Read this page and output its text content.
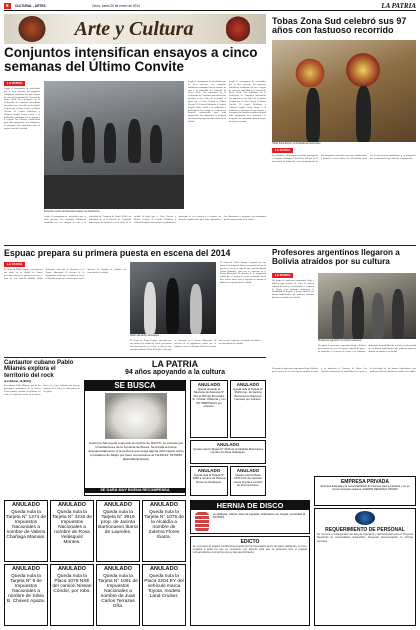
6	CULTURAL - ARTES	Oruro, lunes 20 de enero de 2014	LA PATRIA
Arte y Cultura
Conjuntos intensifican ensayos a cinco semanas del Último Convite
LA PATRIA
Según el cronograma de actividades que se tiene previsto, los conjuntos folklóricos continúan con sus ensayos de cara a la festividad del Carnaval de Oruro 2014. Los miembros de la Federación de Conjuntos intensifican sus prácticas en las calles de la ciudad, al igual que el Gran Convite y Último Convite. El Comité Folklórico y Cultural Fraglia Oruro invitó a la población a participar de los ensayos y a respetar los horarios establecidos para cada agrupación. Los danzarines se preparan con entusiasmo para la mayor fiesta de la ciudad.
Conjuntos rumbo al Carnaval ensayan con total fuerza
Según el cronograma de actividades que se tiene previsto, los conjuntos folklóricos continúan con sus ensayos de cara a la festividad del Carnaval de Oruro 2014. Los miembros de la Federación de Conjuntos intensifican sus prácticas en las calles de la ciudad, al igual que el Gran Convite y Último Convite. El Comité Folklórico y Cultural Fraglia Oruro invitó a la población a participar de los ensayos y a respetar los horarios establecidos para cada agrupación. Los danzarines se preparan con entusiasmo para la mayor fiesta de la ciudad.
Según el cronograma de actividades que se tiene previsto, los conjuntos folklóricos continúan con sus ensayos de cara a la festividad del Carnaval de Oruro 2014. Los miembros de la Federación de Conjuntos intensifican sus prácticas en las calles de la ciudad, al igual que el Gran Convite y Último Convite. El Comité Folklórico y Cultural Fraglia Oruro invitó a la población a participar de los ensayos y a respetar los horarios establecidos para cada agrupación. Los danzarines se preparan con entusiasmo para la mayor fiesta de la ciudad.
Según el cronograma de actividades que se tiene previsto, los conjuntos folklóricos continúan con sus ensayos de cara a la festividad del Carnaval de Oruro 2014. Los miembros de la Federación de Conjuntos intensifican sus prácticas en las calles de la ciudad, al igual que el Gran Convite y Último Convite. El Comité Folklórico y Cultural Fraglia Oruro invitó a la población a participar de los ensayos y a respetar los horarios establecidos para cada agrupación. Los danzarines se preparan con entusiasmo para la mayor fiesta de la ciudad.
Tobas Zona Sud celebró sus 97 años con fastuoso recorrido
Tobas Zona Sud en su festividad de aniversario
LA PATRIA
Un colorido y majestuoso recorrido protagonizó el conjunto folklórico Tobas Zona Sud por su 97 aniversario de fundación, con la participación de sus integrantes ataviados con trajes tradicionales y plumas de vivos colores. La celebración contó con la presencia de autoridades y ex integrantes que recordaron la trayectoria de la agrupación.
Espuac prepara su primera puesta en escena del 2014
LA PATRIA
El elenco de Teatro Espuac, conocido por sus obras en la ciudad de Oruro, presentará una nueva puesta en escena, se trata de una comedia titulada 'Rolan Bolondos', obra que se estrenará en el Teatro Municipal. El director de la agrupación señaló que el trabajo se viene realizando desde hace varios meses con el objetivo de brindar al público un espectáculo de calidad.
Teatro del elenco de Espuac
El elenco de Teatro Espuac, conocido por sus obras en la ciudad de Oruro, presentará una nueva puesta en escena, se trata de una comedia titulada 'Rolan Bolondos', obra que se estrenará en el Teatro Municipal. El director de la agrupación señaló que el trabajo se viene realizando desde hace varios meses con el objetivo de brindar al público un espectáculo de calidad.
El elenco de Teatro Espuac, conocido por sus obras en la ciudad de Oruro, presentará una nueva puesta en escena, se trata de una comedia titulada 'Rolan Bolondos', obra que se estrenará en el Teatro Municipal. El director de la agrupación señaló que el trabajo se viene realizando desde hace varios meses con el objetivo de brindar al público un espectáculo de calidad.
Profesores argentinos llegaron a Bolivia atraídos por su cultura
LA PATRIA
Un grupo de profesores argentinos llegó a Bolivia para conocer de cerca la riqueza cultural del país y en particular el Carnaval de Oruro. Los visitantes destacaron la amabilidad de la gente y la diversidad de las danzas tradicionales que pudieron observar durante su estadía en la ciudad.
Profesores argentinos en tierras bolivianas
Un grupo de profesores argentinos llegó a Bolivia para conocer de cerca la riqueza cultural del país y en particular el Carnaval de Oruro. Los visitantes destacaron la amabilidad de la gente y la diversidad de las danzas tradicionales que pudieron observar durante su estadía en la ciudad.
Cantautor cubano Pablo Milanés explora el territorio del rock
(La Habana, 18 (EFE)).-
El cantautor Pablo Milanés, uno de los principales fundadores de la Nueva Trova cubana, explora el territorio del rock y los géneros fusión en su nuevo disco, en el que colabora con jóvenes músicos de la isla y de otros países de la región.
LA PATRIA
94 años apoyando a la cultura
SE BUSCA
Cachorro Samoyedo responde al nombre de NUCITI, se extravió por inmediaciones de la Terminal de Buses. Se brinda la busca desesperadamente. A la persona que tenga alguna información sobre el paradero de Mojito por favor comunicarse al 71132121, 5279456 (Estrellita El Diario)
SE DARÁ MUY BUENA RECOMPENSA
ANULADO
Queda anulado el Talonario de Facturas N° 001 al 050 del Proveedor Sr. Cristian Villacorta y con NIT 6698701021 por extravío.
ANULADO
Queda nula la Tarjeta N° 3919 prop. de Jacinta Barrionuevo Ibarra de Laureles por extravío.
ANULADO
Queda nula la Tarjeta N° 3216 de la Alcaldía Municipal a nombre de Rosa Velásquez.
ANULADO
Queda nula la Tarjeta N° 1086 a nombre de Zulema Flores de Rodríguez.
ANULADO
Queda nula la Placa 1074 FVC de vehículo marca Toyota a nombre de Jhonny Flores.
ANULADO
Queda nula la Tarjeta N° 1274 de Impuestos Nacionales a nombre de Valerio Chañaga Mamani.
ANULADO
Queda nula la Tarjeta N° 3216 de Impuestos Nacionales a nombre de Rosa Velásquez Montes.
ANULADO
Queda nula la Tarjeta N° 3919 prop. de Jacinta Barrionuevo Ibarra de Laureles.
ANULADO
Queda nula la Tarjeta N° 1075 de la Alcaldía a nombre de Zulema Flores Ibarra.
ANULADO
Queda nula la Tarjeta N° 9 de Impuestos Nacionales a nombre de Silvia B. Chávez Apaza.
ANULADO
Queda nula la Placa 1078 NXE del camión Nissan Cóndor, por robo.
ANULADO
Queda nula la Tarjeta N° 1061 de Impuestos Nacionales a nombre de Juan Carlos Terrazas Oña.
ANULADO
Queda nula la Placa 2204 EY del vehículo marca Toyota, modelo Land Cruiser.
HERNIA DE DISCO
Lumbalgias, ciática, dolor de espalda, tratamiento sin cirugía. Consultas al 5276543
EDICTO
En el proceso de amparo constitucional seguido por los interesados dentro del plazo establecido, se cita y emplaza a todos los que se consideren con derecho para que se presenten ante el juzgado correspondiente en el término de ley, bajo apercibimiento.
EMPRESA PRIVADA
Empresa dedicada a la comercialización de insumos para la industria y en su primer semestre requiere: AGENTE REGIONAL ORURO
REQUERIMIENTO DE PERSONAL
Se convoca a profesionales del área de ingeniería y administración para el Proyecto Desarrollo de Comunidades Sostenibles. Presentar documentación en oficinas centrales.
Un grupo de profesores argentinos llegó a Bolivia para conocer de cerca la riqueza cultural del país y en particular el Carnaval de Oruro. Los visitantes destacaron la amabilidad de la gente y la diversidad de las danzas tradicionales que pudieron observar durante su estadía en la ciudad.
